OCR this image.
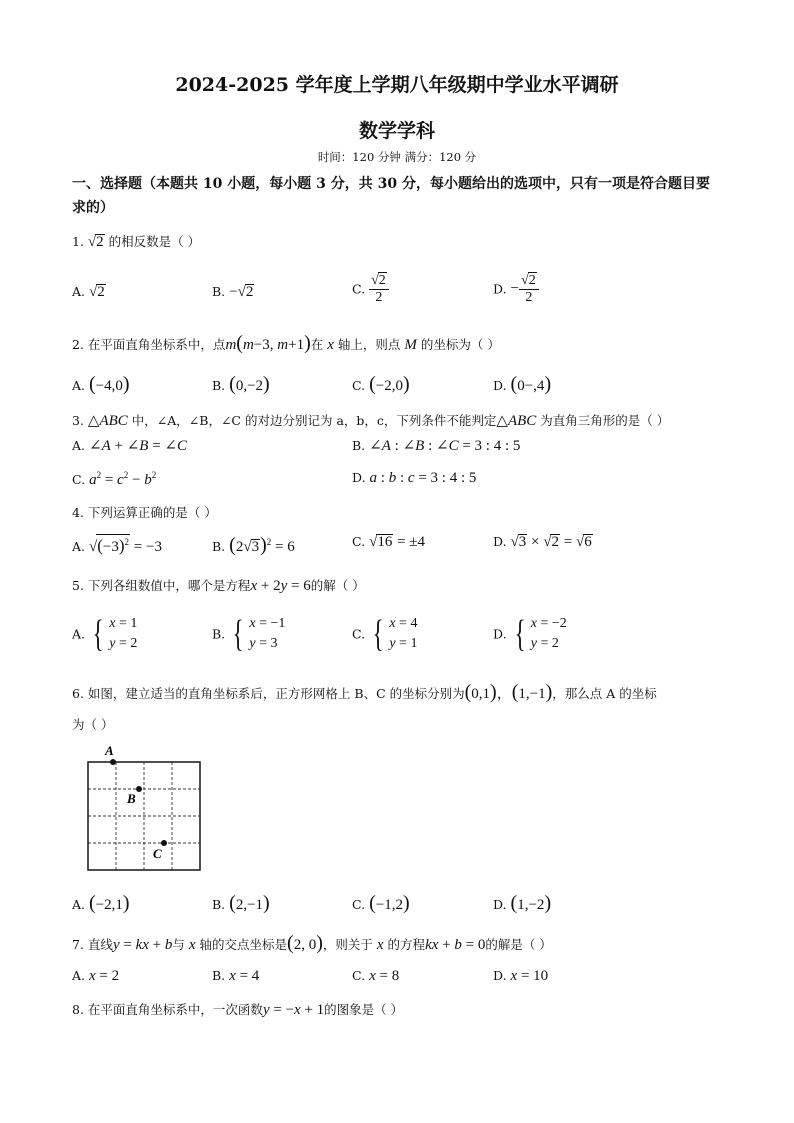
2024-2025 学年度上学期八年级期中学业水平调研
数学学科
时间：120 分钟 满分：120 分
一、选择题（本题共 10 小题，每小题 3 分，共 30 分，每小题给出的选项中，只有一项是符合题目要求的）
1. √2 的相反数是（ ）
A. √2	B. −√2	C. $\frac{√2}{2}$	D. − $\frac{√2}{2}$
2. 在平面直角坐标系中，点m(m−3, m+1)在 x 轴上，则点 M 的坐标为（ ）
A. (−4,0)	B. (0,−2)	C. (−2,0)	D. (0−,4)
3. △ABC 中，∠A，∠B，∠C 的对边分别记为 a，b，c，下列条件不能判定△ABC 为直角三角形的是（ ）
A. ∠A + ∠B = ∠C	B. ∠A : ∠B : ∠C = 3 : 4 : 5
C. $a^2 = c^2 - b^2$	D. a : b : c = 3 : 4 : 5
4. 下列运算正确的是（ ）
A. $√(-3)^2 = -3$	B. $(2√3)^2 = 6$	C. √16 = ±4	D. √3 × √2 = √6
5. 下列各组数值中，哪个是方程x + 2y = 6的解（ ）
A. { x = 1
y = 2
B. { x = −1
y = 3
C. { x = 4
y = 1
D. { x = −2
y = 2
6. 如图，建立适当的直角坐标系后，正方形网格上 B、C 的坐标分别为(0,1)，(1,−1)，那么点 A 的坐标
为（ ）
A
B
C
A. (−2,1)	B. (2,−1)	C. (−1,2)	D. (1,−2)
7. 直线y = kx + b与 x 轴的交点坐标是(2, 0)，则关于 x 的方程kx + b = 0的解是（ ）
A. x = 2	B. x = 4	C. x = 8	D. x = 10
8. 在平面直角坐标系中，一次函数y = −x + 1的图象是（ ）
